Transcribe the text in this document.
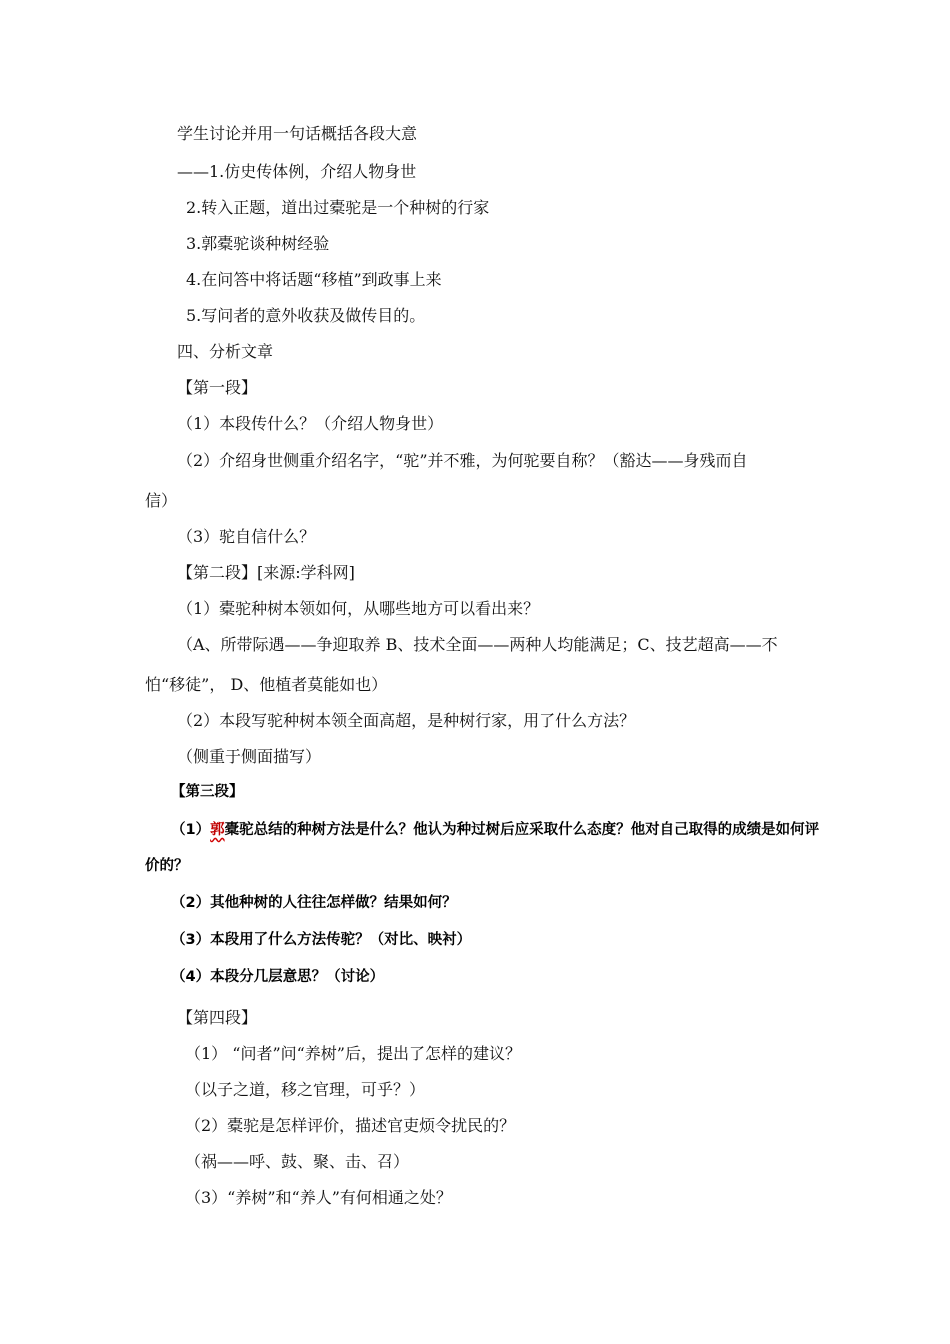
学生讨论并用一句话概括各段大意
——1.仿史传体例，介绍人物身世
2.转入正题，道出过橐驼是一个种树的行家
3.郭橐驼谈种树经验
4.在问答中将话题“移植”到政事上来
5.写问者的意外收获及做传目的。
四、分析文章
【第一段】
（1）本段传什么？（介绍人物身世）
（2）介绍身世侧重介绍名字，“驼”并不雅，为何驼要自称？（豁达——身残而自
信）
（3）驼自信什么？
【第二段】[来源:学科网]
（1）橐驼种树本领如何，从哪些地方可以看出来？
（A、所带际遇——争迎取养 B、技术全面——两种人均能满足；C、技艺超高——不
怕“移徒”， D、他植者莫能如也）
（2）本段写驼种树本领全面高超，是种树行家，用了什么方法？
（侧重于侧面描写）
【第三段】
（1）郭橐驼总结的种树方法是什么？他认为种过树后应采取什么态度？他对自己取得的成绩是如何评
价的？
（2）其他种树的人往往怎样做？结果如何？
（3）本段用了什么方法传驼？（对比、映衬）
（4）本段分几层意思？（讨论）
【第四段】
（1） “问者”问“养树”后，提出了怎样的建议？
（以子之道，移之官理，可乎？）
（2）橐驼是怎样评价，描述官吏烦令扰民的？
（祸——呼、鼓、聚、击、召）
（3）“养树”和“养人”有何相通之处？
